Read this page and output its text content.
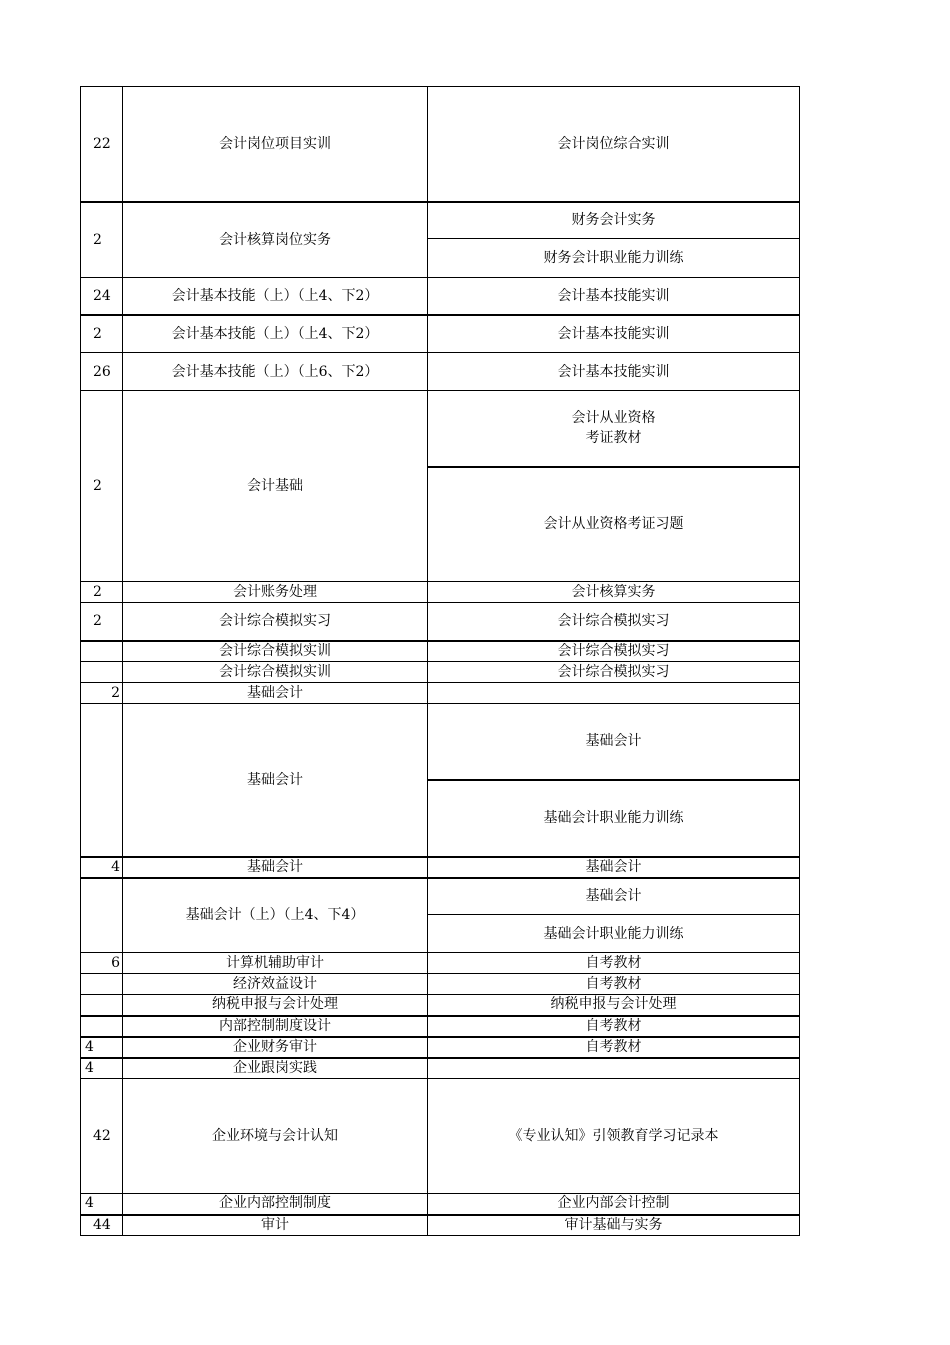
22	会计岗位项目实训	会计岗位综合实训
2	会计核算岗位实务	财务会计实务
		财务会计职业能力训练
24	会计基本技能（上）（上4、下2）	会计基本技能实训
2	会计基本技能（上）（上4、下2）	会计基本技能实训
26	会计基本技能（上）（上6、下2）	会计基本技能实训
2	会计基础	会计从业资格
考证教材
		会计从业资格考证习题
2	会计账务处理	会计核算实务
2	会计综合模拟实习	会计综合模拟实习
	会计综合模拟实训	会计综合模拟实习
	会计综合模拟实训	会计综合模拟实习
2	基础会计	
	基础会计	基础会计
		基础会计职业能力训练
4	基础会计	基础会计
	基础会计（上）（上4、下4）	基础会计
		基础会计职业能力训练
6	计算机辅助审计	自考教材
	经济效益设计	自考教材
	纳税申报与会计处理	纳税申报与会计处理
	内部控制制度设计	自考教材
4	企业财务审计	自考教材
4	企业跟岗实践	
42	企业环境与会计认知	《专业认知》引领教育学习记录本
4	企业内部控制制度	企业内部会计控制
44	审计	审计基础与实务
